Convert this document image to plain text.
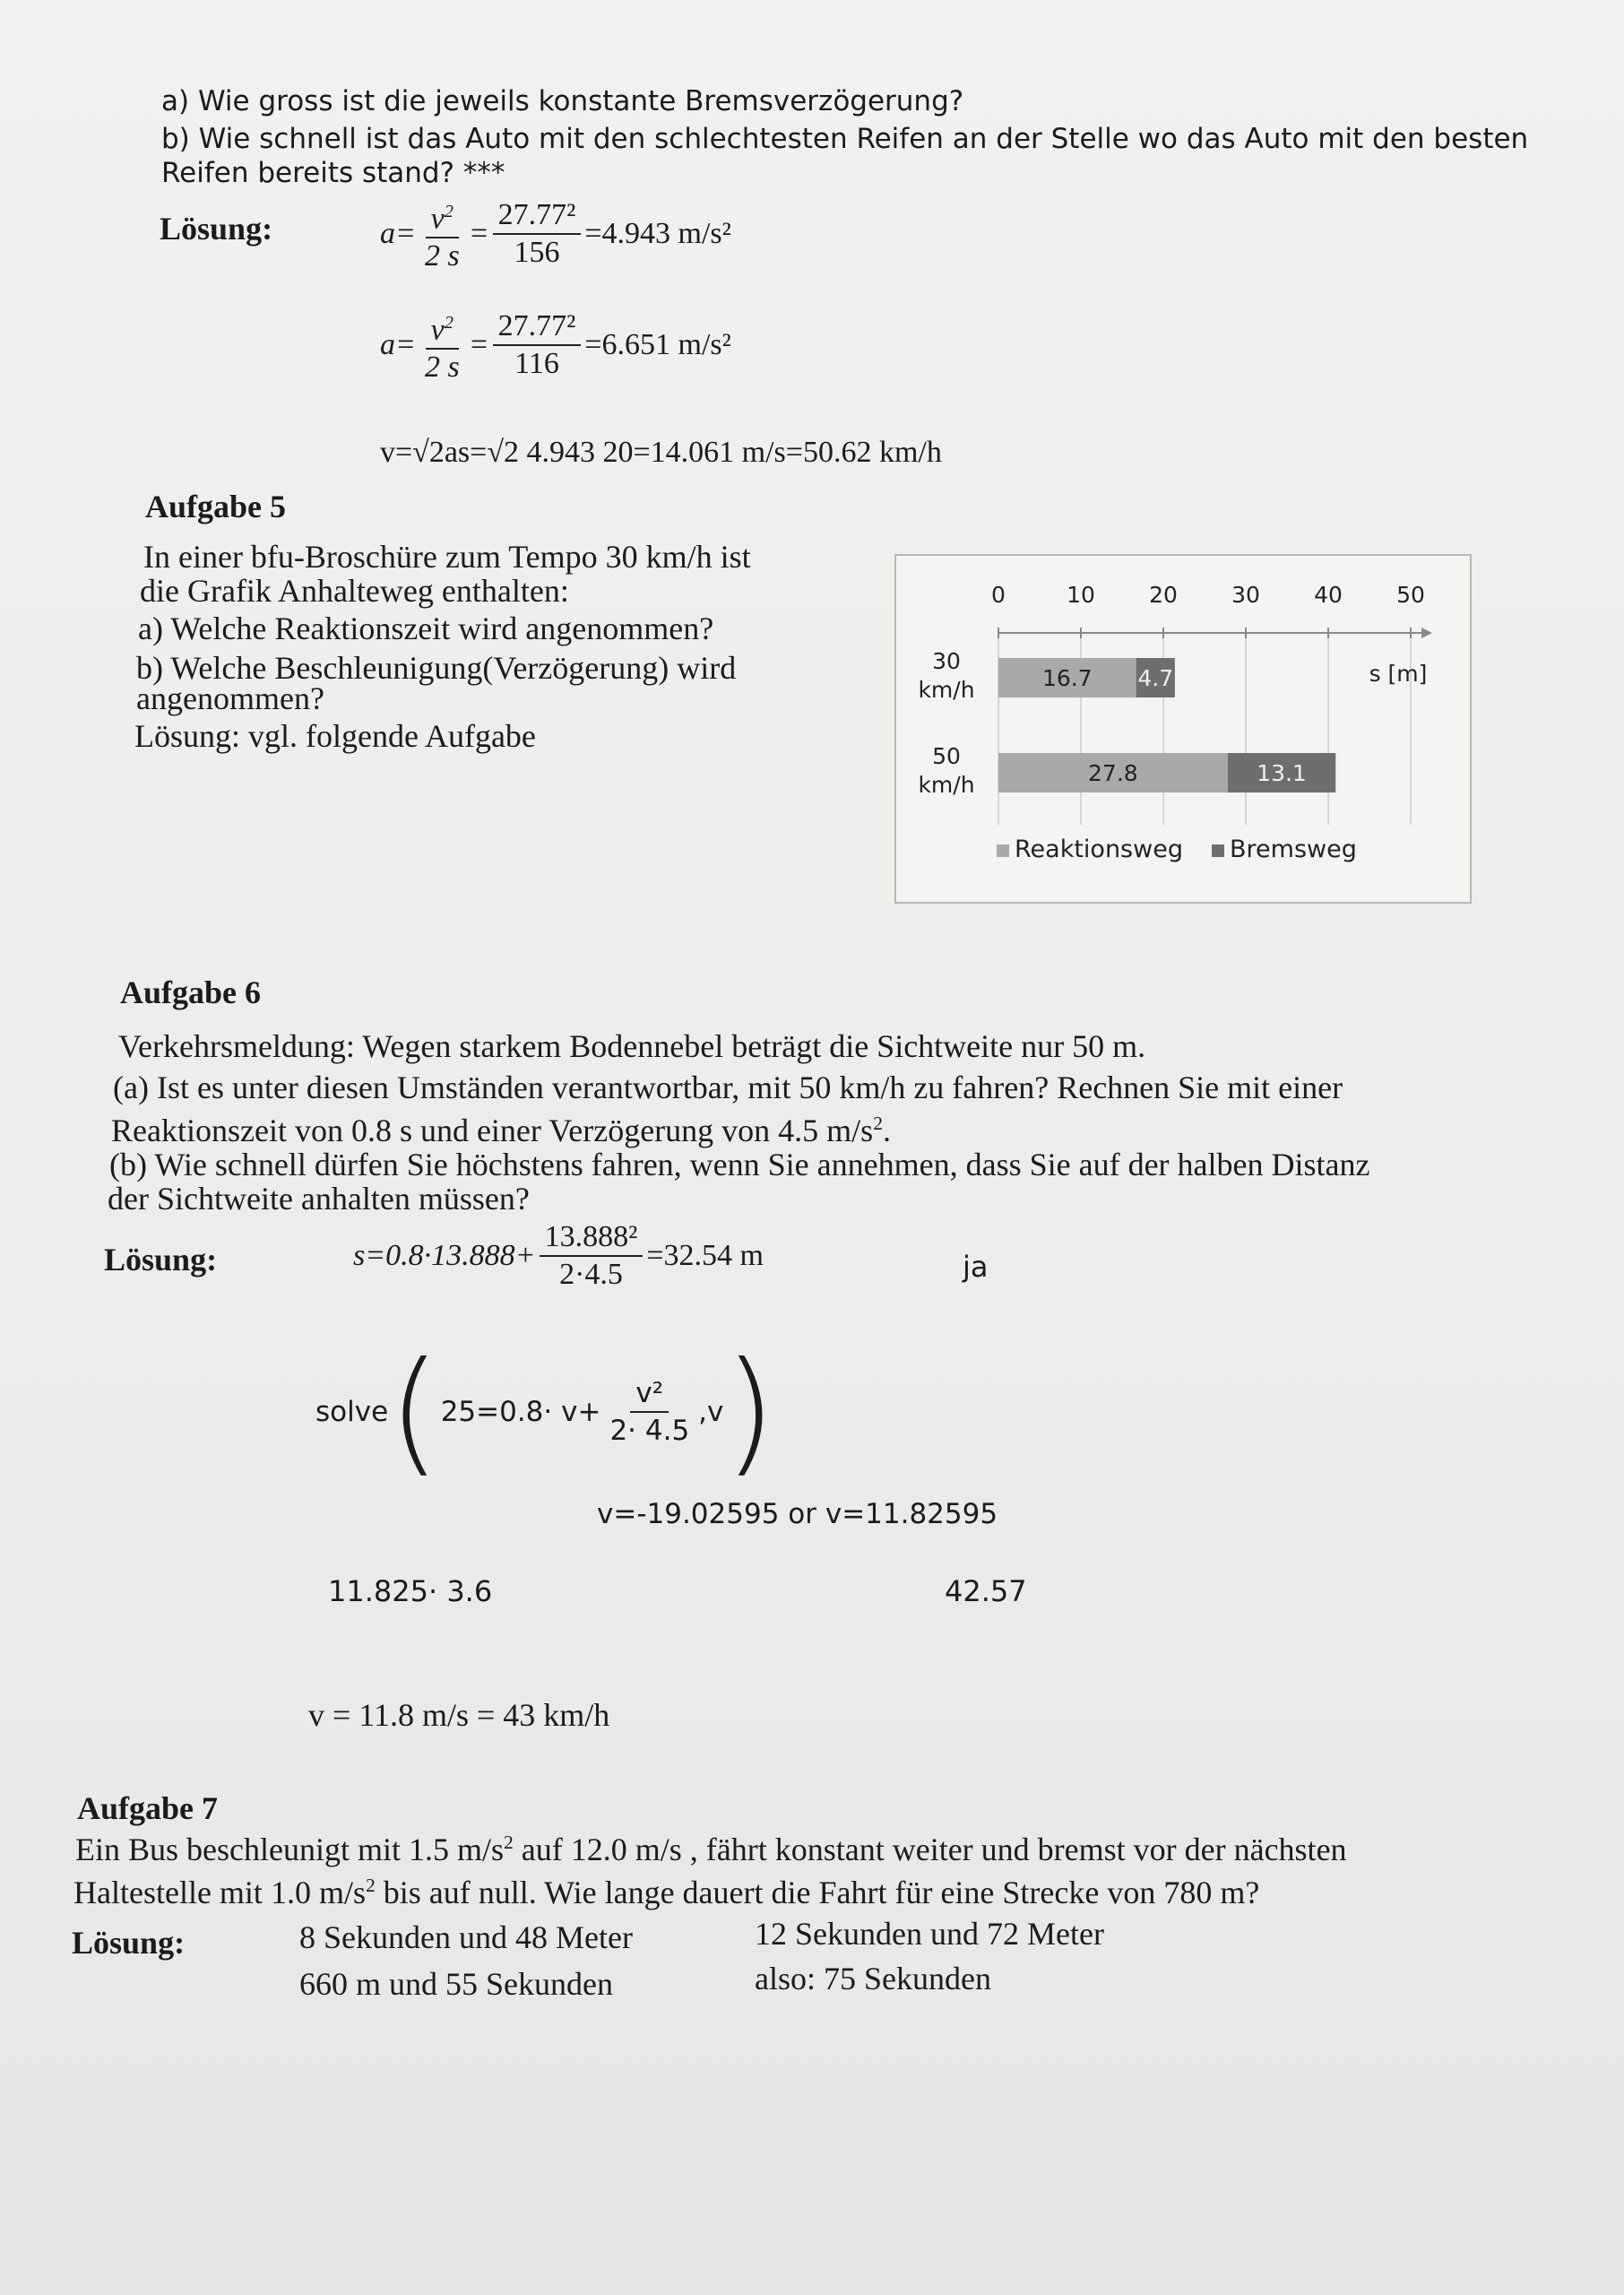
a) Wie gross ist die jeweils konstante Bremsverzögerung?
b) Wie schnell ist das Auto mit den schlechtesten Reifen an der Stelle wo das Auto mit den besten
Reifen bereits stand? ***
Lösung:	$a= \frac{v^2}{2 s} = \frac{\text{27.77²}}{156} =4.943$ m/s²
$a= \frac{v^2}{2 s} = \frac{\text{27.77²}}{116} =6.651$ m/s²
v=√2as=√2 4.943 20=14.061 m/s=50.62 km/h
Aufgabe 5
In einer bfu-Broschüre zum Tempo 30 km/h ist
die Grafik Anhalteweg enthalten:
a) Welche Reaktionszeit wird angenommen?
b) Welche Beschleunigung(Verzögerung) wird
angenommen?
Lösung: vgl. folgende Aufgabe
0	10 20 30 40 50
s [m]
30
km/h	16.7 4.7
50
km/h	27.8	13.1
Reaktionsweg Bremsweg
Aufgabe 6
Verkehrsmeldung: Wegen starkem Bodennebel beträgt die Sichtweite nur 50 m.
(a) Ist es unter diesen Umständen verantwortbar, mit 50 km/h zu fahren? Rechnen Sie mit einer
Reaktionszeit von 0.8 s und einer Verzögerung von 4.5 $m/s^2$.
(b) Wie schnell dürfen Sie höchstens fahren, wenn Sie annehmen, dass Sie auf der halben Distanz
der Sichtweite anhalten müssen?
Lösung:	$s=0.8\cdot 13.888+ \frac{\text{13.888²}}{2\cdot 4.5} =32.54$ m	ja
solve ( $25=0.8\cdot v+ \frac{\text{v²}}{2\cdot 4.5} ,v$ )
v=-19.02595 or v=11.82595
11.825· 3.6	42.57
v = 11.8 m/s = 43 km/h
Aufgabe 7
Ein Bus beschleunigt mit 1.5 $m/s^2$ auf 12.0 m/s , fährt konstant weiter und bremst vor der nächsten
Haltestelle mit 1.0 $m/s^2$ bis auf null. Wie lange dauert die Fahrt für eine Strecke von 780 m?
Lösung:	8 Sekunden und 48 Meter	12 Sekunden und 72 Meter
660 m und 55 Sekunden	also: 75 Sekunden
